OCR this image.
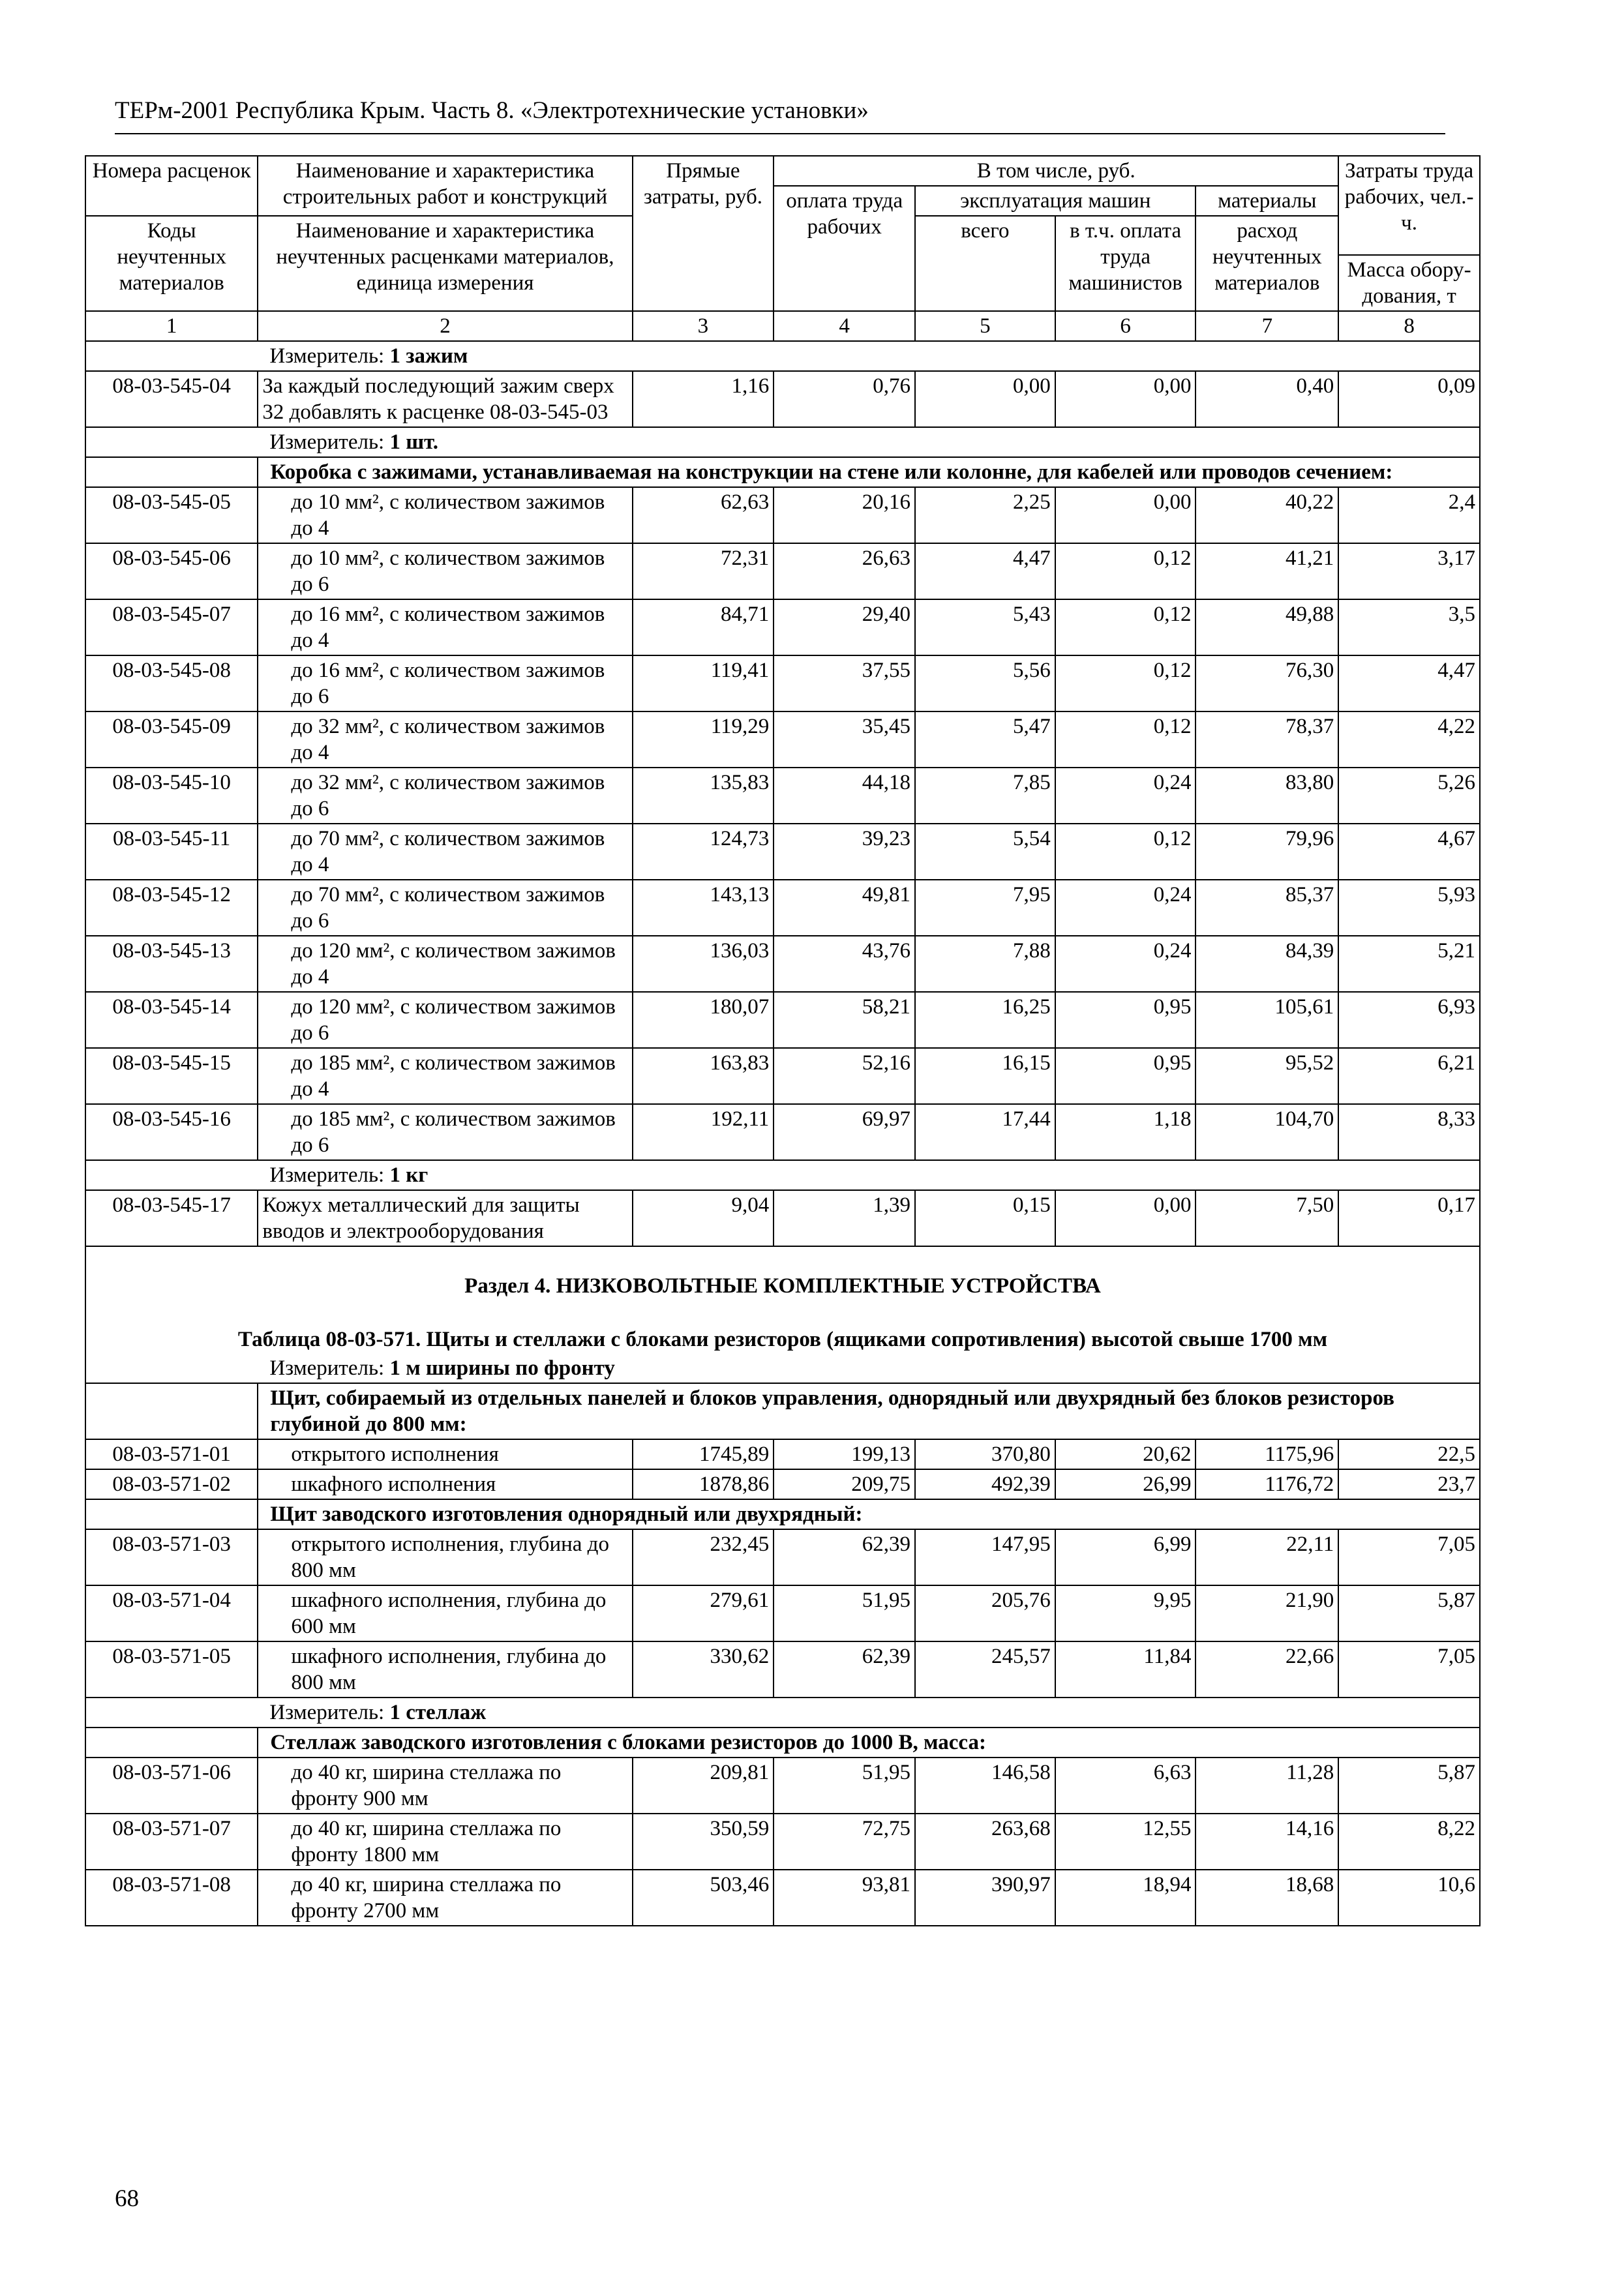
ТЕРм-2001 Республика Крым. Часть 8. «Электротехнические установки»
Номера расценок	Наименование и характеристика строительных работ и конструкций	Прямые затраты, руб.	В том числе, руб.				Затраты труда рабочих, чел.-ч.
			оплата труда рабочих	эксплуатация машин		материалы	
Коды неучтенных материалов	Наименование и характеристика неучтенных расценками материалов, единица измерения			всего	в т.ч. оплата труда машинистов	расход неучтенных материалов	
							Масса обору-дования, т
1	2	3	4	5	6	7	8
	Измеритель: 1 зажим						
08-03-545-04	За каждый последующий зажим сверх 32 добавлять к расценке 08-03-545-03	1,16	0,76	0,00	0,00	0,40	0,09
	Измеритель: 1 шт.						
	Коробка с зажимами, устанавливаемая на конструкции на стене или колонне, для кабелей или проводов сечением:						
08-03-545-05	до 10 мм², с количеством зажимов до 4	62,63	20,16	2,25	0,00	40,22	2,4
08-03-545-06	до 10 мм², с количеством зажимов до 6	72,31	26,63	4,47	0,12	41,21	3,17
08-03-545-07	до 16 мм², с количеством зажимов до 4	84,71	29,40	5,43	0,12	49,88	3,5
08-03-545-08	до 16 мм², с количеством зажимов до 6	119,41	37,55	5,56	0,12	76,30	4,47
08-03-545-09	до 32 мм², с количеством зажимов до 4	119,29	35,45	5,47	0,12	78,37	4,22
08-03-545-10	до 32 мм², с количеством зажимов до 6	135,83	44,18	7,85	0,24	83,80	5,26
08-03-545-11	до 70 мм², с количеством зажимов до 4	124,73	39,23	5,54	0,12	79,96	4,67
08-03-545-12	до 70 мм², с количеством зажимов до 6	143,13	49,81	7,95	0,24	85,37	5,93
08-03-545-13	до 120 мм², с количеством зажимов до 4	136,03	43,76	7,88	0,24	84,39	5,21
08-03-545-14	до 120 мм², с количеством зажимов до 6	180,07	58,21	16,25	0,95	105,61	6,93
08-03-545-15	до 185 мм², с количеством зажимов до 4	163,83	52,16	16,15	0,95	95,52	6,21
08-03-545-16	до 185 мм², с количеством зажимов до 6	192,11	69,97	17,44	1,18	104,70	8,33
	Измеритель: 1 кг						
08-03-545-17	Кожух металлический для защиты вводов и электрооборудования	9,04	1,39	0,15	0,00	7,50	0,17
Раздел 4. НИЗКОВОЛЬТНЫЕ КОМПЛЕКТНЫЕ УСТРОЙСТВА							
Таблица 08-03-571. Щиты и стеллажи с блоками резисторов (ящиками сопротивления) высотой свыше 1700 мм							
	Измеритель: 1 м ширины по фронту						
	Щит, собираемый из отдельных панелей и блоков управления, однорядный или двухрядный без блоков резисторов глубиной до 800 мм:						
08-03-571-01	открытого исполнения	1745,89	199,13	370,80	20,62	1175,96	22,5
08-03-571-02	шкафного исполнения	1878,86	209,75	492,39	26,99	1176,72	23,7
	Щит заводского изготовления однорядный или двухрядный:						
08-03-571-03	открытого исполнения, глубина до 800 мм	232,45	62,39	147,95	6,99	22,11	7,05
08-03-571-04	шкафного исполнения, глубина до 600 мм	279,61	51,95	205,76	9,95	21,90	5,87
08-03-571-05	шкафного исполнения, глубина до 800 мм	330,62	62,39	245,57	11,84	22,66	7,05
	Измеритель: 1 стеллаж						
	Стеллаж заводского изготовления с блоками резисторов до 1000 В, масса:						
08-03-571-06	до 40 кг, ширина стеллажа по фронту 900 мм	209,81	51,95	146,58	6,63	11,28	5,87
08-03-571-07	до 40 кг, ширина стеллажа по фронту 1800 мм	350,59	72,75	263,68	12,55	14,16	8,22
08-03-571-08	до 40 кг, ширина стеллажа по фронту 2700 мм	503,46	93,81	390,97	18,94	18,68	10,6
68
